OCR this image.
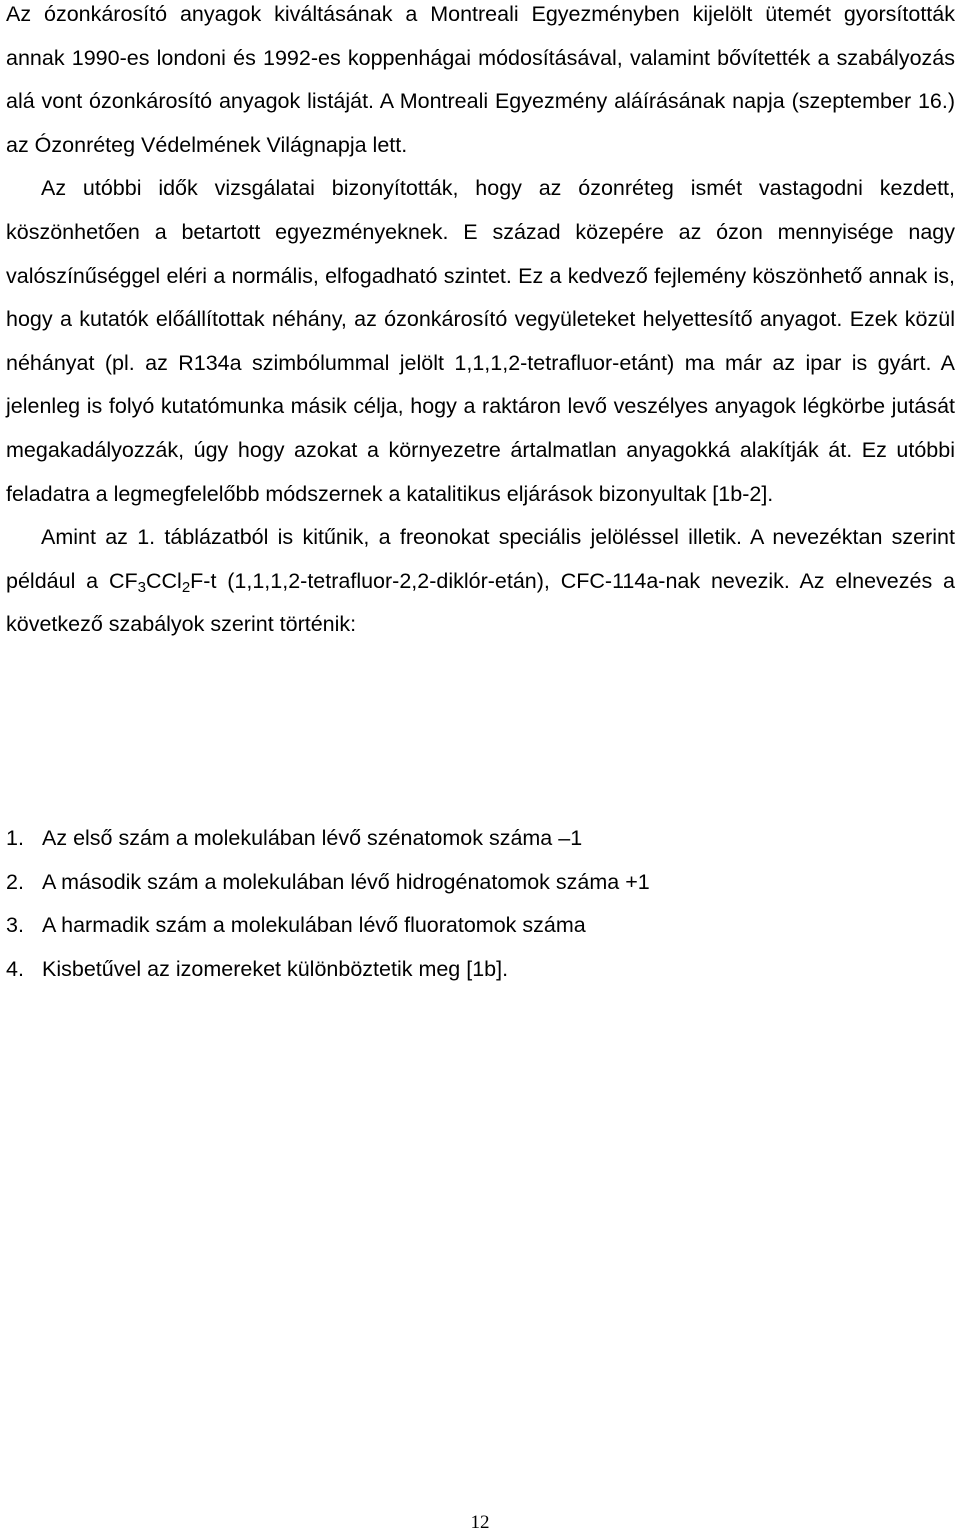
Az ózonkárosító anyagok kiváltásának a Montreali Egyezményben kijelölt ütemét gyorsították annak 1990-es londoni és 1992-es koppenhágai módosításával, valamint bővítették a szabályozás alá vont ózonkárosító anyagok listáját. A Montreali Egyezmény aláírásának napja (szeptember 16.) az Ózonréteg Védelmének Világnapja lett.

Az utóbbi idők vizsgálatai bizonyították, hogy az ózonréteg ismét vastagodni kezdett, köszönhetően a betartott egyezményeknek. E század közepére az ózon mennyisége nagy valószínűséggel eléri a normális, elfogadható szintet. Ez a kedvező fejlemény köszönhető annak is, hogy a kutatók előállítottak néhány, az ózonkárosító vegyületeket helyettesítő anyagot. Ezek közül néhányat (pl. az R134a szimbólummal jelölt 1,1,1,2-tetrafluor-etánt) ma már az ipar is gyárt. A jelenleg is folyó kutatómunka másik célja, hogy a raktáron levő veszélyes anyagok légkörbe jutását megakadályozzák, úgy hogy azokat a környezetre ártalmatlan anyagokká alakítják át. Ez utóbbi feladatra a legmegfelelőbb módszernek a katalitikus eljárások bizonyultak [1b-2].

Amint az 1. táblázatból is kitűnik, a freonokat speciális jelöléssel illetik. A nevezéktan szerint például a $CF_3CCl_2F-t$ (1,1,1,2-tetrafluor-2,2-diklór-etán), CFC-114a-nak nevezik. Az elnevezés a következő szabályok szerint történik:

1. Az első szám a molekulában lévő szénatomok száma –1
2. A második szám a molekulában lévő hidrogénatomok száma +1
3. A harmadik szám a molekulában lévő fluoratomok száma
4. Kisbetűvel az izomereket különböztetik meg [1b].
12
